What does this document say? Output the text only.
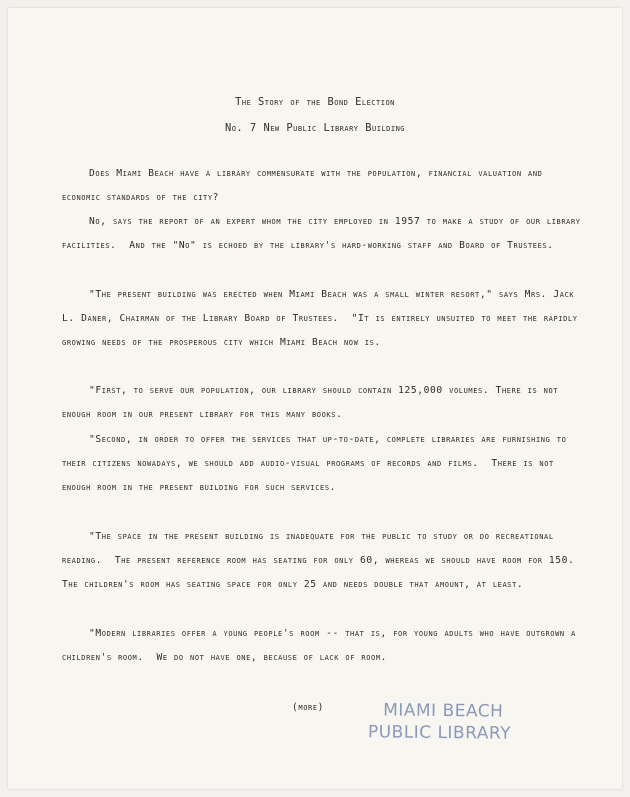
The Story of the Bond Election
No. 7 New Public Library Building

Does Miami Beach have a library commensurate with the population, financial valuation and economic standards of the city?

No, says the report of an expert whom the city employed in 1957 to make a study of our library facilities.  And the "No" is echoed by the library's hard-working staff and Board of Trustees.

"The present building was erected when Miami Beach was a small winter resort," says Mrs. Jack L. Daner, Chairman of the Library Board of Trustees.  "It is entirely unsuited to meet the rapidly growing needs of the prosperous city which Miami Beach now is.

"First, to serve our population, our library should contain 125,000 volumes. There is not enough room in our present library for this many books.

"Second, in order to offer the services that up-to-date, complete libraries are furnishing to their citizens nowadays, we should add audio-visual programs of records and films.  There is not enough room in the present building for such services.

"The space in the present building is inadequate for the public to study or do recreational reading.  The present reference room has seating for only 60, whereas we should have room for 150.  The children's room has seating space for only 25 and needs double that amount, at least.

"Modern libraries offer a young people's room -- that is, for young adults who have outgrown a children's room.  We do not have one, because of lack of room.

(more)	MIAMI BEACH
PUBLIC LIBRARY
